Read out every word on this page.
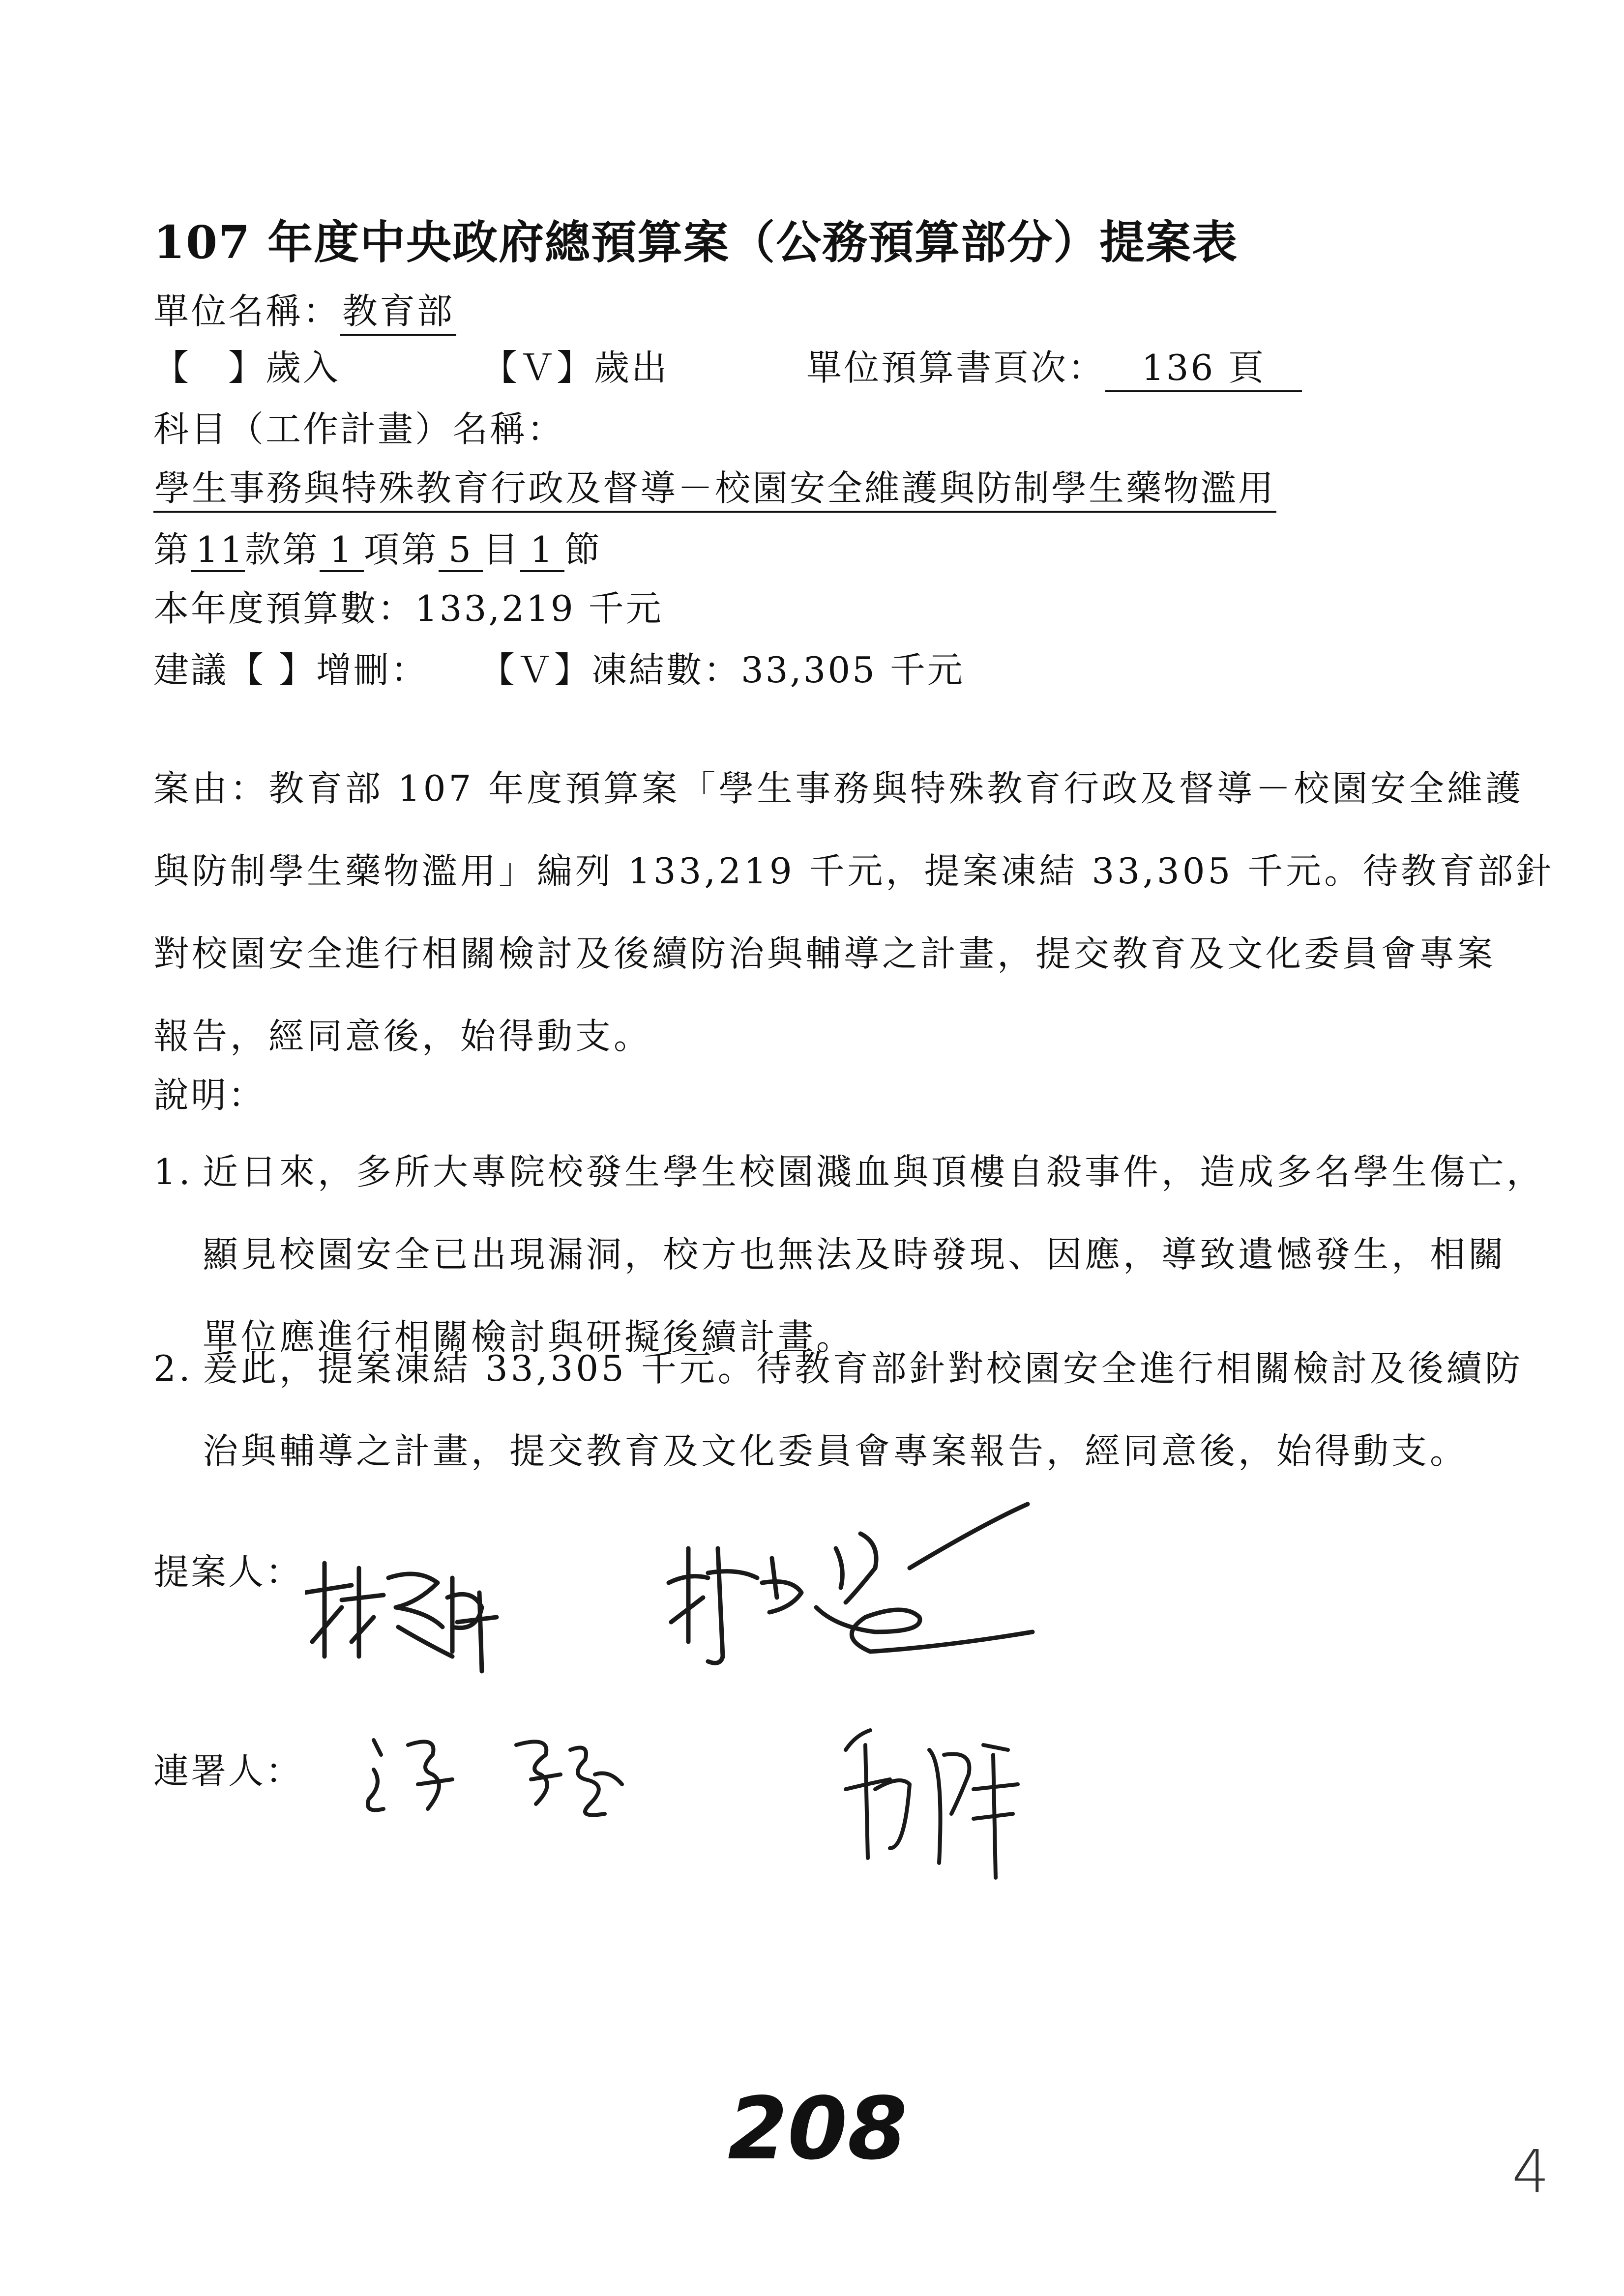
107 年度中央政府總預算案（公務預算部分）提案表
單位名稱：教育部
【　】歲入	【Ｖ】歲出	單位預算書頁次： 136 頁
科目（工作計畫）名稱：
學生事務與特殊教育行政及督導－校園安全維護與防制學生藥物濫用
第 11款第 1 項第 5 目 1 節
本年度預算數：133,219 千元
建議【 】增刪： 【Ｖ】凍結數：33,305 千元
案由：教育部 107 年度預算案「學生事務與特殊教育行政及督導－校園安全維護
與防制學生藥物濫用」編列 133,219 千元，提案凍結 33,305 千元。待教育部針
對校園安全進行相關檢討及後續防治與輔導之計畫，提交教育及文化委員會專案
報告，經同意後，始得動支。
說明：
1. 近日來，多所大專院校發生學生校園濺血與頂樓自殺事件，造成多名學生傷亡，
顯見校園安全已出現漏洞，校方也無法及時發現、因應，導致遺憾發生，相關
單位應進行相關檢討與研擬後續計畫。
2. 爰此，提案凍結 33,305 千元。待教育部針對校園安全進行相關檢討及後續防
治與輔導之計畫，提交教育及文化委員會專案報告，經同意後，始得動支。
提案人：
連署人：
208	4
